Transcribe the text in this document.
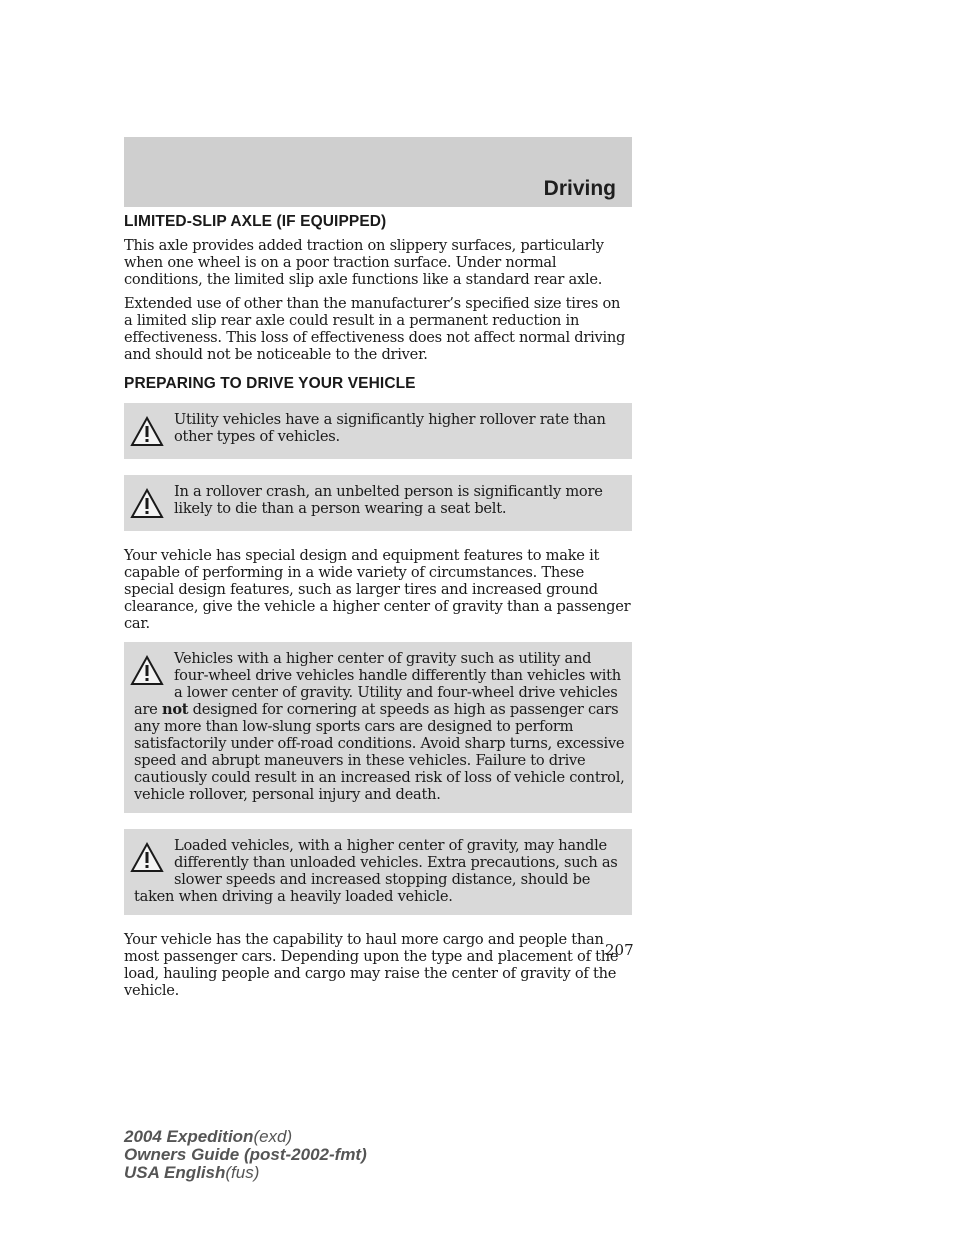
Driving
LIMITED-SLIP AXLE (IF EQUIPPED)

This axle provides added traction on slippery surfaces, particularly when one wheel is on a poor traction surface. Under normal conditions, the limited slip axle functions like a standard rear axle.

Extended use of other than the manufacturer’s specified size tires on a limited slip rear axle could result in a permanent reduction in effectiveness. This loss of effectiveness does not affect normal driving and should not be noticeable to the driver.

PREPARING TO DRIVE YOUR VEHICLE
Utility vehicles have a significantly higher rollover rate than other types of vehicles.
In a rollover crash, an unbelted person is significantly more likely to die than a person wearing a seat belt.

Your vehicle has special design and equipment features to make it capable of performing in a wide variety of circumstances. These special design features, such as larger tires and increased ground clearance, give the vehicle a higher center of gravity than a passenger car.

Vehicles with a higher center of gravity such as utility and four-wheel drive vehicles handle differently than vehicles with a lower center of gravity. Utility and four-wheel drive vehicles are not designed for cornering at speeds as high as passenger cars any more than low-slung sports cars are designed to perform satisfactorily under off-road conditions. Avoid sharp turns, excessive speed and abrupt maneuvers in these vehicles. Failure to drive cautiously could result in an increased risk of loss of vehicle control, vehicle rollover, personal injury and death.
Loaded vehicles, with a higher center of gravity, may handle differently than unloaded vehicles. Extra precautions, such as slower speeds and increased stopping distance, should be taken when driving a heavily loaded vehicle.

Your vehicle has the capability to haul more cargo and people than most passenger cars. Depending upon the type and placement of the load, hauling people and cargo may raise the center of gravity of the vehicle.

207
2004 Expedition(exd)
Owners Guide (post-2002-fmt)
USA English(fus)
